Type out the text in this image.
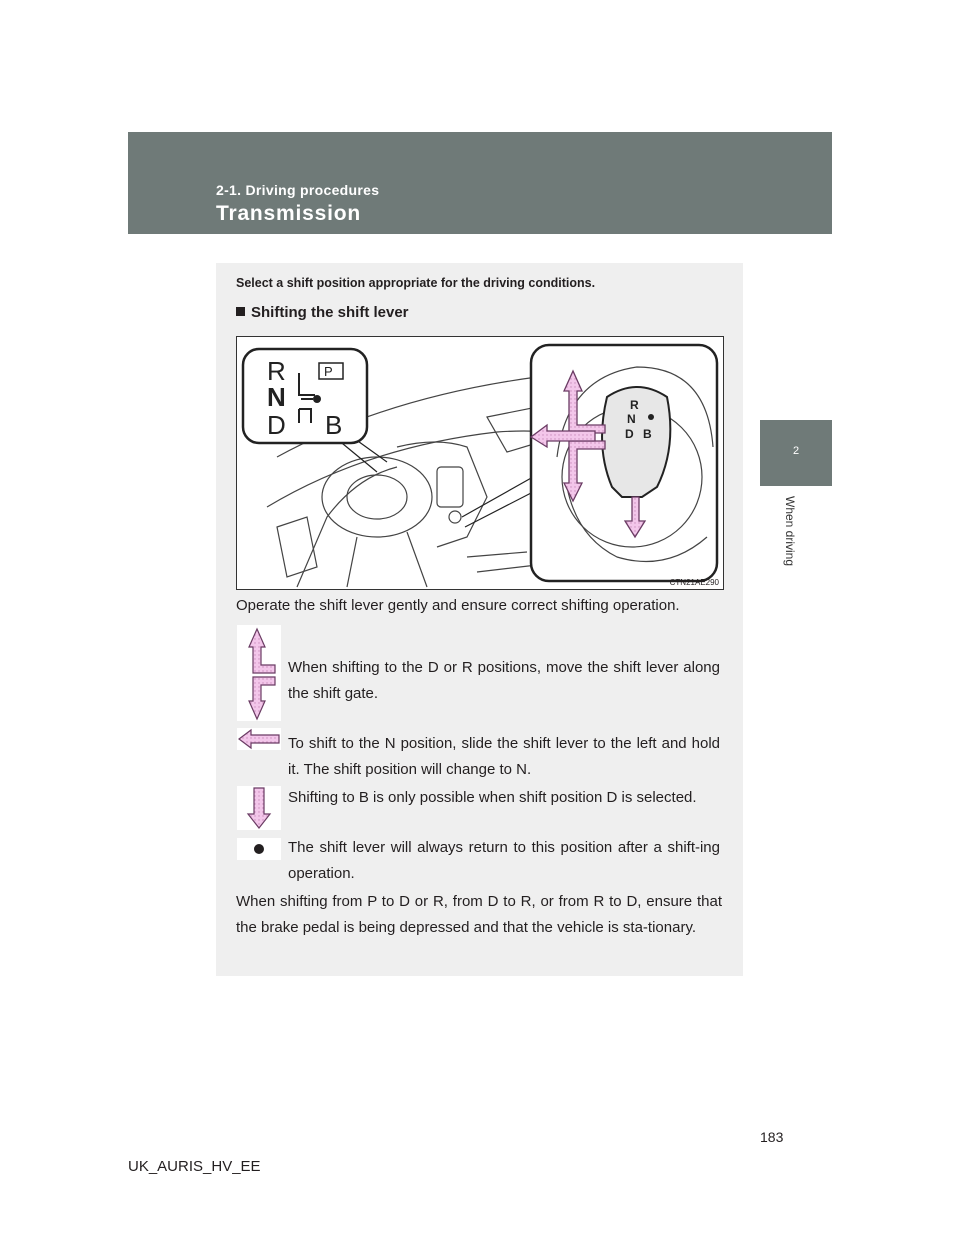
2-1. Driving procedures
Transmission
2
When driving
Select a shift position appropriate for the driving conditions.
Shifting the shift lever
R
N
D B
P
R
N
D B
CTN21AE290
Operate the shift lever gently and ensure correct shifting operation.
When shifting to the D or R positions, move the shift lever along the shift gate.
To shift to the N position, slide the shift lever to the left and hold it. The shift position will change to N.
Shifting to B is only possible when shift position D is selected.
The shift lever will always return to this position after a shift-ing operation.
When shifting from P to D or R, from D to R, or from R to D, ensure that the brake pedal is being depressed and that the vehicle is sta-tionary.
183
UK_AURIS_HV_EE
